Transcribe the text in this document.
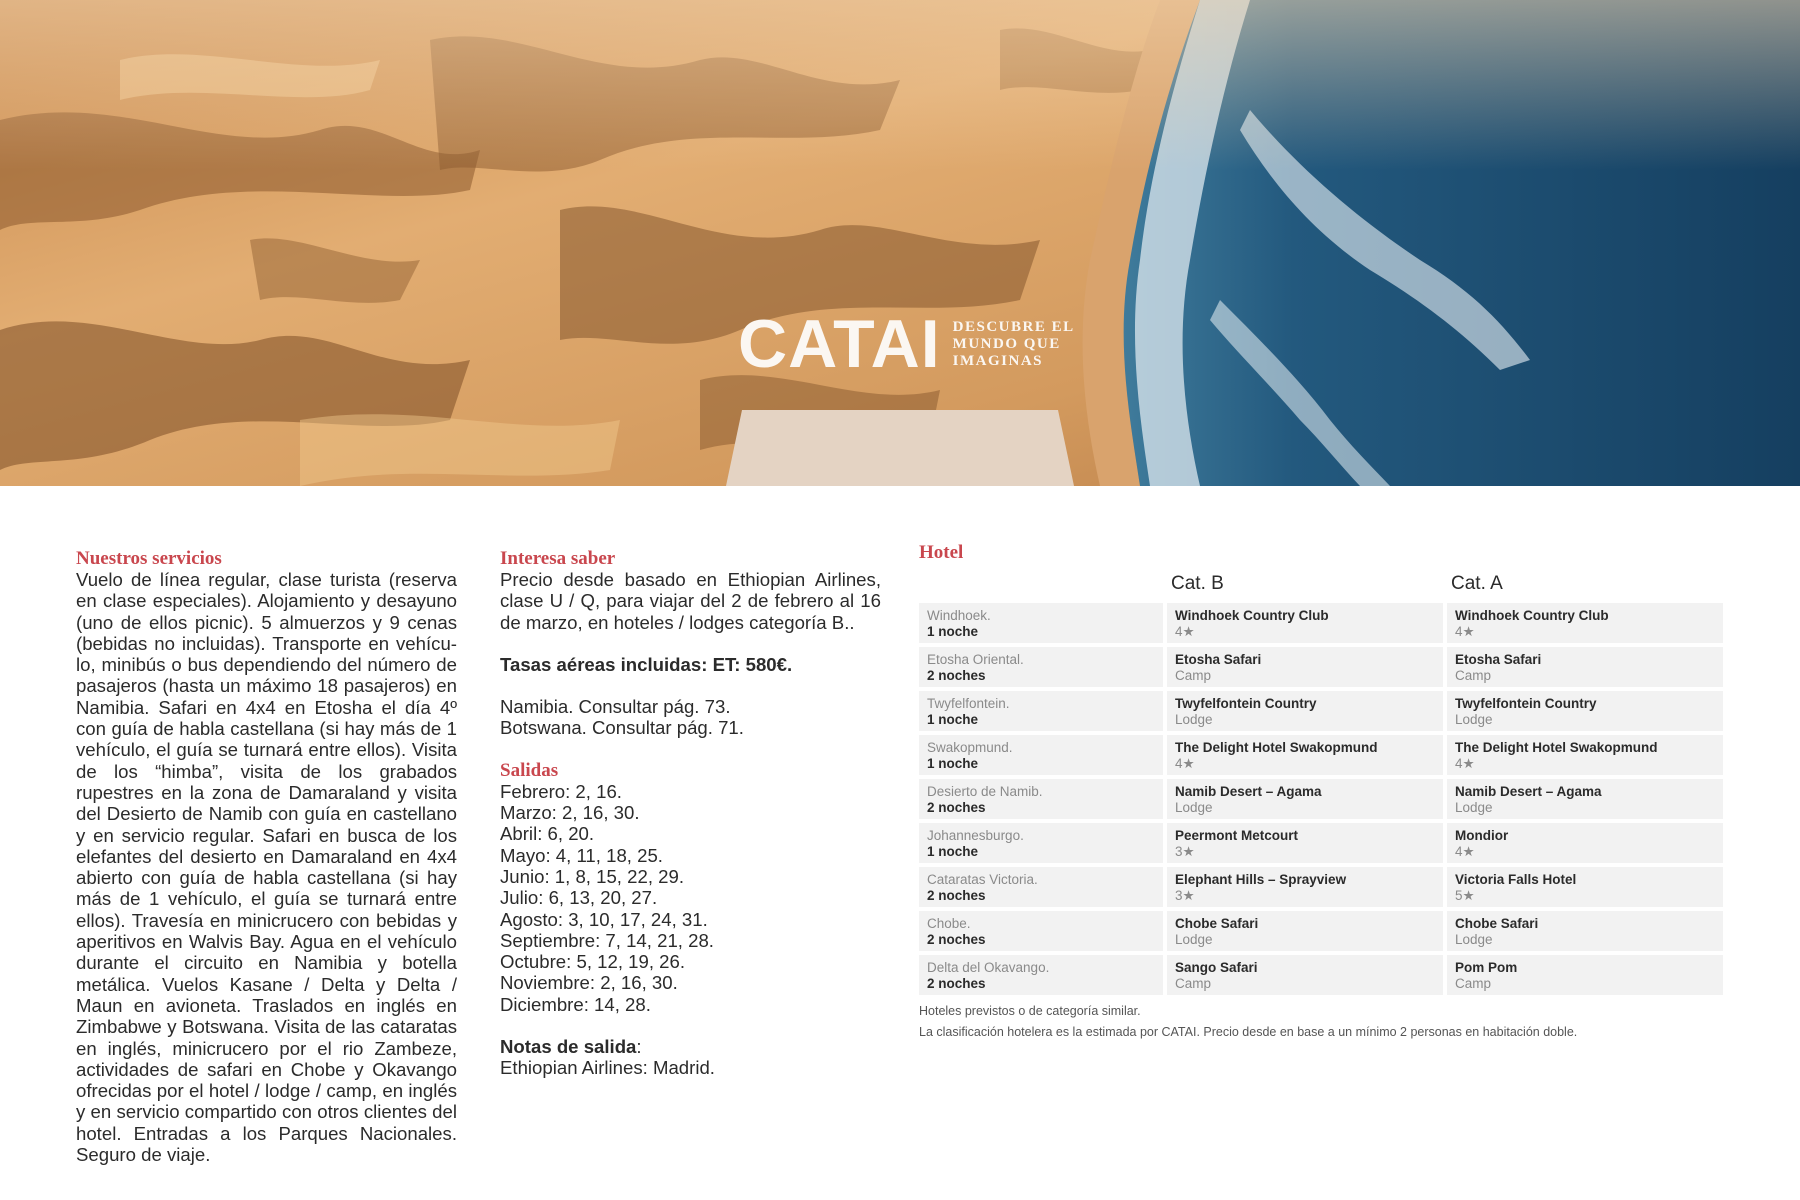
CATAI DESCUBRE EL
MUNDO QUE
IMAGINAS
Nuestros servicios

Vuelo de línea regular, clase turista (reserva en clase especiales). Alojamiento y desayuno (uno de ellos picnic). 5 almuerzos y 9 cenas (bebidas no incluidas). Transporte en vehículo, minibús o bus dependiendo del número de pasajeros (hasta un máximo 18 pasajeros) en Namibia. Safari en 4x4 en Etosha el día 4º con guía de habla castellana (si hay más de 1 vehículo, el guía se turnará entre ellos). Visita de los “himba”, visita de los grabados rupestres en la zona de Damaraland y visita del Desierto de Namib con guía en castellano y en servicio regular. Safari en busca de los elefantes del desierto en Damaraland en 4x4 abierto con guía de habla castellana (si hay más de 1 vehículo, el guía se turnará entre ellos). Travesía en minicrucero con bebidas y aperitivos en Walvis Bay. Agua en el vehículo durante el circuito en Namibia y botella metálica. Vuelos Kasane / Delta y Delta / Maun en avioneta. Traslados en inglés en Zimbabwe y Botswana. Visita de las cataratas en inglés, minicrucero por el rio Zambeze, actividades de safari en Chobe y Okavango ofrecidas por el hotel / lodge / camp, en inglés y en servicio compartido con otros clientes del hotel. Entradas a los Parques Nacionales. Seguro de viaje.

Interesa saber

Precio desde basado en Ethiopian Airlines, clase U / Q, para viajar del 2 de febrero al 16 de marzo, en hoteles / lodges categoría B..

Tasas aéreas incluidas: ET: 580€.

Namibia. Consultar pág. 73.
Botswana. Consultar pág. 71.
Salidas
Febrero: 2, 16.
Marzo: 2, 16, 30.
Abril: 6, 20.
Mayo: 4, 11, 18, 25.
Junio: 1, 8, 15, 22, 29.
Julio: 6, 13, 20, 27.
Agosto: 3, 10, 17, 24, 31.
Septiembre: 7, 14, 21, 28.
Octubre: 5, 12, 19, 26.
Noviembre: 2, 16, 30.
Diciembre: 14, 28.

Notas de salida:

Ethiopian Airlines: Madrid.

Hotel
Cat. B	Cat. A
Windhoek.
1 noche
Windhoek Country Club
4★
Windhoek Country Club
4★
Etosha Oriental.
2 noches
Etosha Safari
Camp
Etosha Safari
Camp
Twyfelfontein.
1 noche
Twyfelfontein Country
Lodge
Twyfelfontein Country
Lodge
Swakopmund.
1 noche
The Delight Hotel Swakopmund
4★
The Delight Hotel Swakopmund
4★
Desierto de Namib.
2 noches
Namib Desert – Agama
Lodge
Namib Desert – Agama
Lodge
Johannesburgo.
1 noche
Peermont Metcourt
3★
Mondior
4★
Cataratas Victoria.
2 noches
Elephant Hills – Sprayview
3★
Victoria Falls Hotel
5★
Chobe.
2 noches
Chobe Safari
Lodge
Chobe Safari
Lodge
Delta del Okavango.
2 noches
Sango Safari
Camp
Pom Pom
Camp
Hoteles previstos o de categoría similar.
La clasificación hotelera es la estimada por CATAI. Precio desde en base a un mínimo 2 personas en habitación doble.
